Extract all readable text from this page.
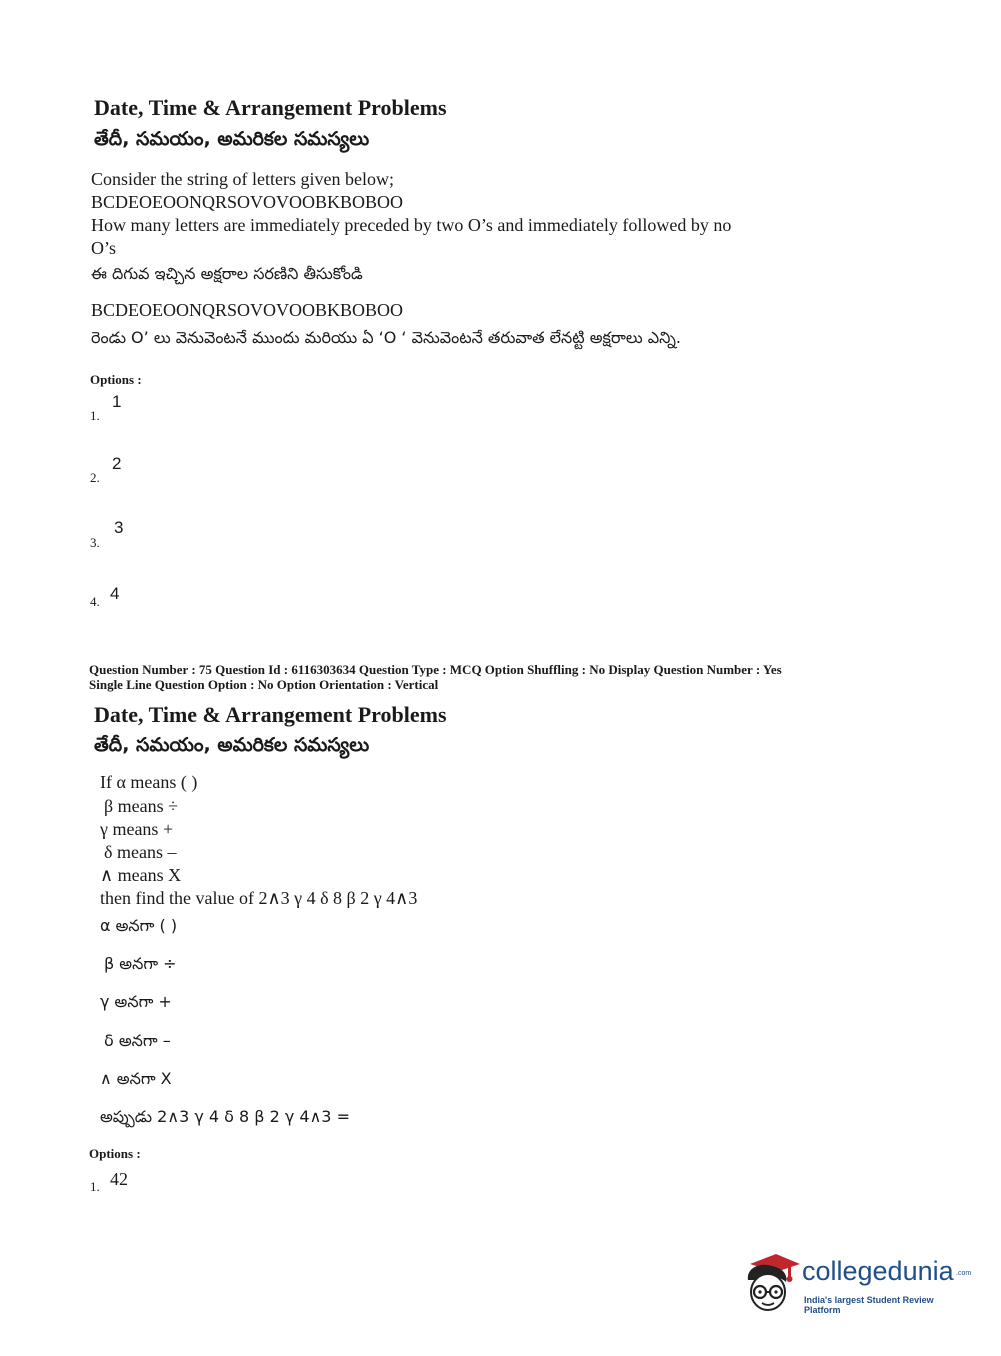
Date, Time & Arrangement Problems
తేదీ, సమయం, అమరికల సమస్యలు
Consider the string of letters given below;
BCDEOEOONQRSOVOVOOBKBOBOO
How many letters are immediately preceded by two O’s and immediately followed by no
O’s
ఈ దిగువ ఇచ్చిన అక్షరాల సరణిని తీసుకోండి
BCDEOEOONQRSOVOVOOBKBOBOO
రెండు O’ లు వెనువెంటనే ముందు మరియు ఏ ‘O ‘ వెనువెంటనే తరువాత లేనట్టి అక్షరాలు ఎన్ని.
Options :
1.
1
2.
2
3.
3
4. 4
Question Number : 75 Question Id : 6116303634 Question Type : MCQ Option Shuffling : No Display Question Number : Yes
Single Line Question Option : No Option Orientation : Vertical
Date, Time & Arrangement Problems
తేదీ, సమయం, అమరికల సమస్యలు
If α means ( )
β means ÷
γ means +
δ means –
∧ means X
then find the value of 2∧3 γ 4 δ 8 β 2 γ 4∧3
α అనగా ( )
β అనగా ÷
γ అనగా +
δ అనగా –
∧ అనగా X
అప్పుడు 2∧3 γ 4 δ 8 β 2 γ 4∧3 =
Options :
1. 42
collegedunia .com
India's largest Student Review Platform
